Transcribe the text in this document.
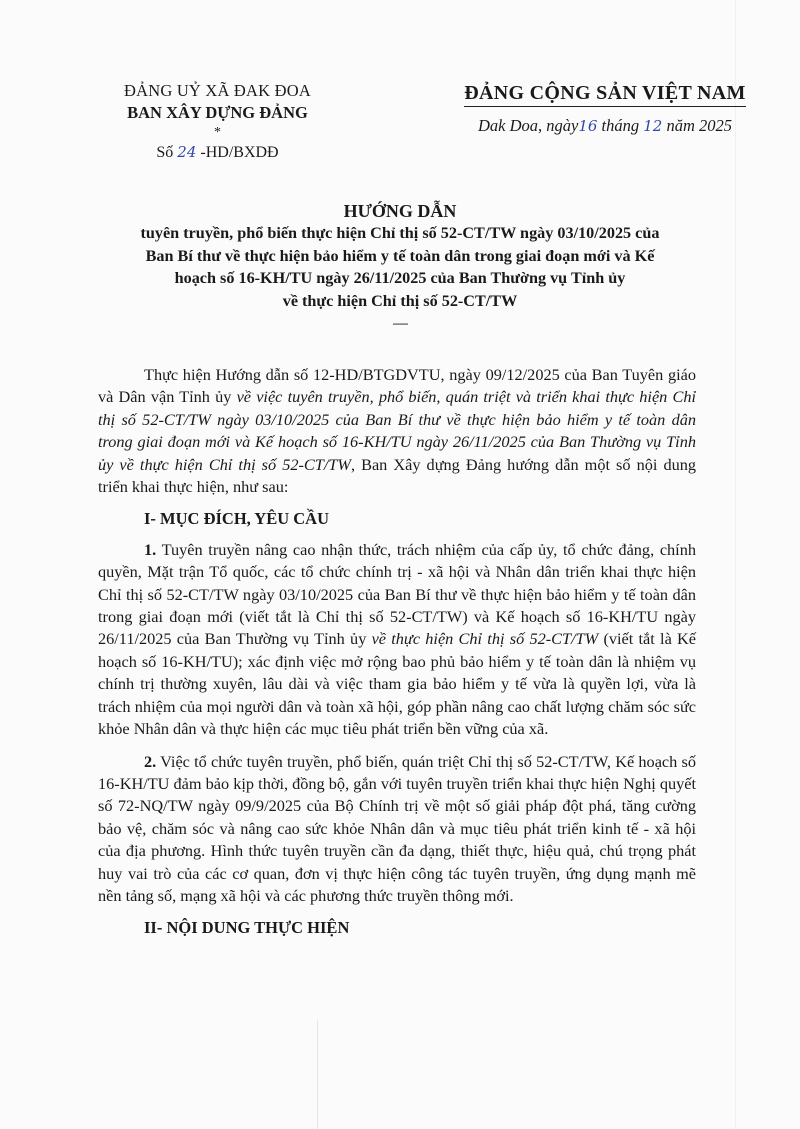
ĐẢNG UỶ XÃ ĐAK ĐOA
BAN XÂY DỰNG ĐẢNG
*
Số 24 -HD/BXDĐ
ĐẢNG CỘNG SẢN VIỆT NAM
Dak Doa, ngày16 tháng 12 năm 2025
HƯỚNG DẪN
tuyên truyền, phổ biến thực hiện Chỉ thị số 52-CT/TW ngày 03/10/2025 của
Ban Bí thư về thực hiện bảo hiểm y tế toàn dân trong giai đoạn mới và Kế
hoạch số 16-KH/TU ngày 26/11/2025 của Ban Thường vụ Tỉnh ủy
về thực hiện Chỉ thị số 52-CT/TW
-----

Thực hiện Hướng dẫn số 12-HD/BTGDVTU, ngày 09/12/2025 của Ban Tuyên giáo và Dân vận Tỉnh ủy về việc tuyên truyền, phổ biến, quán triệt và triển khai thực hiện Chỉ thị số 52-CT/TW ngày 03/10/2025 của Ban Bí thư về thực hiện bảo hiểm y tế toàn dân trong giai đoạn mới và Kế hoạch số 16-KH/TU ngày 26/11/2025 của Ban Thường vụ Tỉnh ủy về thực hiện Chỉ thị số 52-CT/TW, Ban Xây dựng Đảng hướng dẫn một số nội dung triển khai thực hiện, như sau:

I- MỤC ĐÍCH, YÊU CẦU

1. Tuyên truyền nâng cao nhận thức, trách nhiệm của cấp ủy, tổ chức đảng, chính quyền, Mặt trận Tổ quốc, các tổ chức chính trị - xã hội và Nhân dân triển khai thực hiện Chỉ thị số 52-CT/TW ngày 03/10/2025 của Ban Bí thư về thực hiện bảo hiểm y tế toàn dân trong giai đoạn mới (viết tắt là Chỉ thị số 52-CT/TW) và Kế hoạch số 16-KH/TU ngày 26/11/2025 của Ban Thường vụ Tỉnh ủy về thực hiện Chỉ thị số 52-CT/TW (viết tắt là Kế hoạch số 16-KH/TU); xác định việc mở rộng bao phủ bảo hiểm y tế toàn dân là nhiệm vụ chính trị thường xuyên, lâu dài và việc tham gia bảo hiểm y tế vừa là quyền lợi, vừa là trách nhiệm của mọi người dân và toàn xã hội, góp phần nâng cao chất lượng chăm sóc sức khỏe Nhân dân và thực hiện các mục tiêu phát triển bền vững của xã.

2. Việc tổ chức tuyên truyền, phổ biến, quán triệt Chỉ thị số 52-CT/TW, Kế hoạch số 16-KH/TU đảm bảo kịp thời, đồng bộ, gắn với tuyên truyền triển khai thực hiện Nghị quyết số 72-NQ/TW ngày 09/9/2025 của Bộ Chính trị về một số giải pháp đột phá, tăng cường bảo vệ, chăm sóc và nâng cao sức khỏe Nhân dân và mục tiêu phát triển kinh tế - xã hội của địa phương. Hình thức tuyên truyền cần đa dạng, thiết thực, hiệu quả, chú trọng phát huy vai trò của các cơ quan, đơn vị thực hiện công tác tuyên truyền, ứng dụng mạnh mẽ nền tảng số, mạng xã hội và các phương thức truyền thông mới.

II- NỘI DUNG THỰC HIỆN
